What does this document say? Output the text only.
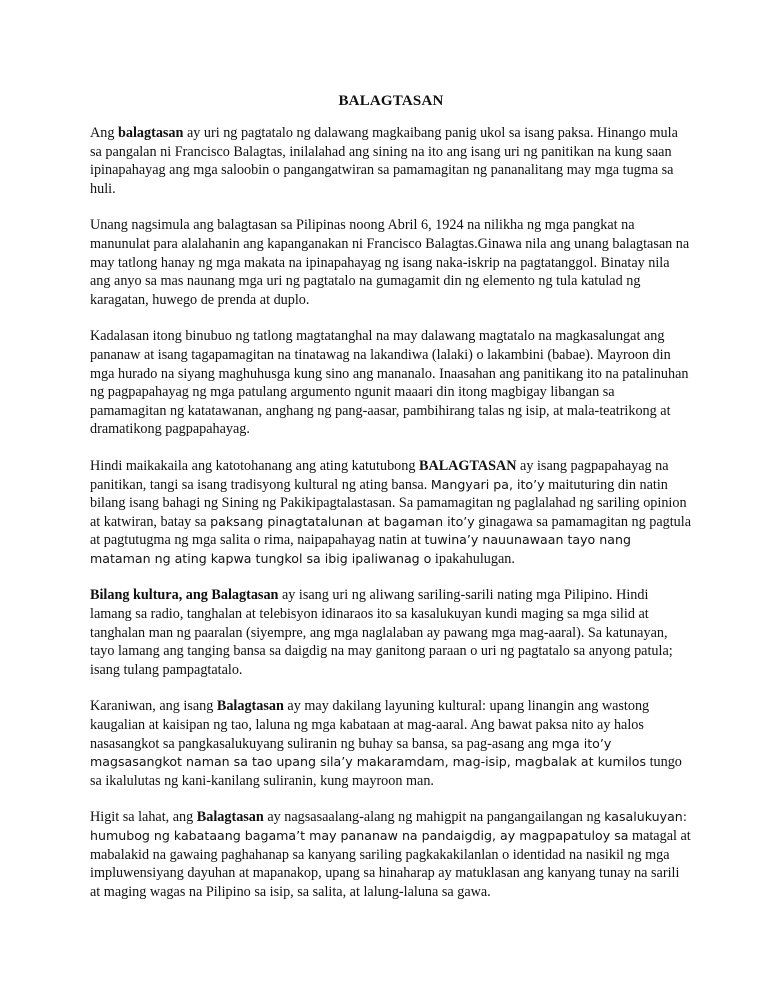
BALAGTASAN

Ang balagtasan ay uri ng pagtatalo ng dalawang magkaibang panig ukol sa isang paksa. Hinango mula sa pangalan ni Francisco Balagtas, inilalahad ang sining na ito ang isang uri ng panitikan na kung saan ipinapahayag ang mga saloobin o pangangatwiran sa pamamagitan ng pananalitang may mga tugma sa huli.

Unang nagsimula ang balagtasan sa Pilipinas noong Abril 6, 1924 na nilikha ng mga pangkat na manunulat para alalahanin ang kapanganakan ni Francisco Balagtas.Ginawa nila ang unang balagtasan na may tatlong hanay ng mga makata na ipinapahayag ng isang naka-iskrip na pagtatanggol. Binatay nila ang anyo sa mas naunang mga uri ng pagtatalo na gumagamit din ng elemento ng tula katulad ng karagatan, huwego de prenda at duplo.

Kadalasan itong binubuo ng tatlong magtatanghal na may dalawang magtatalo na magkasalungat ang pananaw at isang tagapamagitan na tinatawag na lakandiwa (lalaki) o lakambini (babae). Mayroon din mga hurado na siyang maghuhusga kung sino ang mananalo. Inaasahan ang panitikang ito na patalinuhan ng pagpapahayag ng mga patulang argumento ngunit maaari din itong magbigay libangan sa pamamagitan ng katatawanan, anghang ng pang-aasar, pambihirang talas ng isip, at mala-teatrikong at dramatikong pagpapahayag.

Hindi maikakaila ang katotohanang ang ating katutubong BALAGTASAN ay isang pagpapahayag na panitikan, tangi sa isang tradisyong kultural ng ating bansa. Mangyari pa, ito’y maituturing din natin bilang isang bahagi ng Sining ng Pakikipagtalastasan. Sa pamamagitan ng paglalahad ng sariling opinion at katwiran, batay sa paksang pinagtatalunan at bagaman ito’y ginagawa sa pamamagitan ng pagtula at pagtutugma ng mga salita o rima, naipapahayag natin at tuwina’y nauunawaan tayo nang mataman ng ating kapwa tungkol sa ibig ipaliwanag o ipakahulugan.

Bilang kultura, ang Balagtasan ay isang uri ng aliwang sariling-sarili nating mga Pilipino. Hindi lamang sa radio, tanghalan at telebisyon idinaraos ito sa kasalukuyan kundi maging sa mga silid at tanghalan man ng paaralan (siyempre, ang mga naglalaban ay pawang mga mag-aaral). Sa katunayan, tayo lamang ang tanging bansa sa daigdig na may ganitong paraan o uri ng pagtatalo sa anyong patula; isang tulang pampagtatalo.

Karaniwan, ang isang Balagtasan ay may dakilang layuning kultural: upang linangin ang wastong kaugalian at kaisipan ng tao, laluna ng mga kabataan at mag-aaral. Ang bawat paksa nito ay halos nasasangkot sa pangkasalukuyang suliranin ng buhay sa bansa, sa pag-asang ang mga ito’y magsasangkot naman sa tao upang sila’y makaramdam, mag-isip, magbalak at kumilos tungo sa ikalulutas ng kani-kanilang suliranin, kung mayroon man.

Higit sa lahat, ang Balagtasan ay nagsasaalang-alang ng mahigpit na pangangailangan ng kasalukuyan: humubog ng kabataang bagama’t may pananaw na pandaigdig, ay magpapatuloy sa matagal at mabalakid na gawaing paghahanap sa kanyang sariling pagkakakilanlan o identidad na nasikil ng mga impluwensiyang dayuhan at mapanakop, upang sa hinaharap ay matuklasan ang kanyang tunay na sarili at maging wagas na Pilipino sa isip, sa salita, at lalung-laluna sa gawa.
